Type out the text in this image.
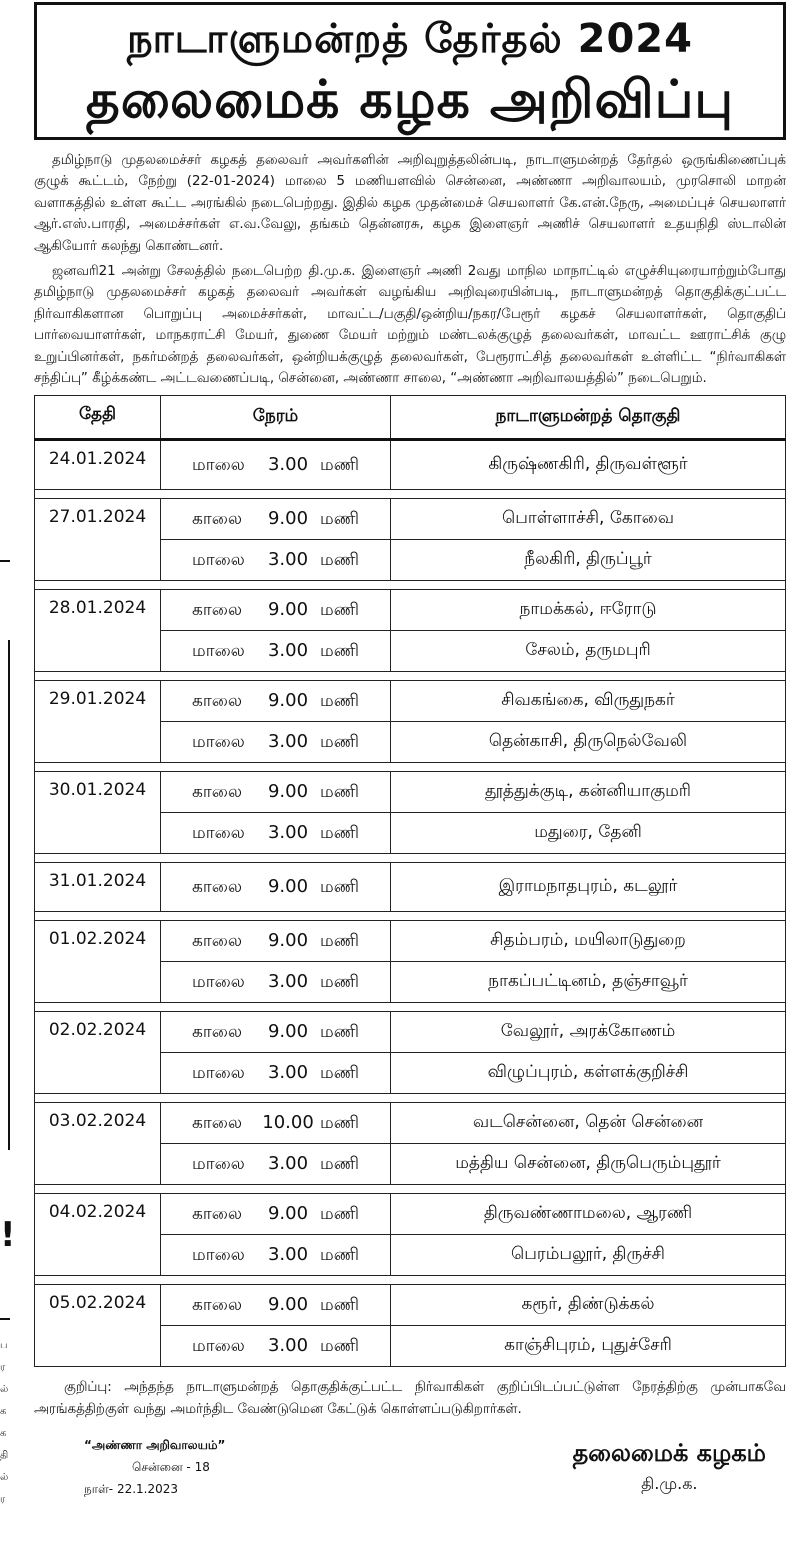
!
ப
ர
ல்
க
க
தி
ல்
ர
நாடாளுமன்றத் தேர்தல் 2024
தலைமைக் கழக அறிவிப்பு

தமிழ்நாடு முதலமைச்சர் கழகத் தலைவர் அவர்களின் அறிவுறுத்தலின்படி, நாடாளுமன்றத் தேர்தல் ஒருங்கிணைப்புக் குழுக் கூட்டம், நேற்று (22-01-2024) மாலை 5 மணியளவில் சென்னை, அண்ணா அறிவாலயம், முரசொலி மாறன் வளாகத்தில் உள்ள கூட்ட அரங்கில் நடைபெற்றது. இதில் கழக முதன்மைச் செயலாளர் கே.என்.நேரு, அமைப்புச் செயலாளர் ஆர்.எஸ்.பாரதி, அமைச்சர்கள் எ.வ.வேலு, தங்கம் தென்னரசு, கழக இளைஞர் அணிச் செயலாளர் உதயநிதி ஸ்டாலின் ஆகியோர் கலந்து கொண்டனர்.

ஜனவரி21 அன்று சேலத்தில் நடைபெற்ற தி.மு.க. இளைஞர் அணி 2வது மாநில மாநாட்டில் எழுச்சியுரையாற்றும்போது தமிழ்நாடு முதலமைச்சர் கழகத் தலைவர் அவர்கள் வழங்கிய அறிவுரையின்படி, நாடாளுமன்றத் தொகுதிக்குட்பட்ட நிர்வாகிகளான பொறுப்பு அமைச்சர்கள், மாவட்ட/பகுதி/ஒன்றிய/நகர/பேரூர் கழகச் செயலாளர்கள், தொகுதிப் பார்வையாளர்கள், மாநகராட்சி மேயர், துணை மேயர் மற்றும் மண்டலக்குழுத் தலைவர்கள், மாவட்ட ஊராட்சிக் குழு உறுப்பினர்கள், நகர்மன்றத் தலைவர்கள், ஒன்றியக்குழுத் தலைவர்கள், பேரூராட்சித் தலைவர்கள் உள்ளிட்ட “நிர்வாகிகள் சந்திப்பு” கீழ்க்கண்ட அட்டவணைப்படி, சென்னை, அண்ணா சாலை, “அண்ணா அறிவாலயத்தில்” நடைபெறும்.

தேதி	நேரம்	நாடாளுமன்றத் தொகுதி
24.01.2024	மாலை 3.00 மணி	கிருஷ்ணகிரி, திருவள்ளூர்

27.01.2024	காலை 9.00 மணி	பொள்ளாச்சி, கோவை
	மாலை 3.00 மணி	நீலகிரி, திருப்பூர்

28.01.2024	காலை 9.00 மணி	நாமக்கல், ஈரோடு
	மாலை 3.00 மணி	சேலம், தருமபுரி

29.01.2024	காலை 9.00 மணி	சிவகங்கை, விருதுநகர்
	மாலை 3.00 மணி	தென்காசி, திருநெல்வேலி

30.01.2024	காலை 9.00 மணி	தூத்துக்குடி, கன்னியாகுமரி
	மாலை 3.00 மணி	மதுரை, தேனி

31.01.2024	காலை 9.00 மணி	இராமநாதபுரம், கடலூர்

01.02.2024	காலை 9.00 மணி	சிதம்பரம், மயிலாடுதுறை
	மாலை 3.00 மணி	நாகப்பட்டினம், தஞ்சாவூர்

02.02.2024	காலை 9.00 மணி	வேலூர், அரக்கோணம்
	மாலை 3.00 மணி	விழுப்புரம், கள்ளக்குறிச்சி

03.02.2024	காலை 10.00 மணி	வடசென்னை, தென் சென்னை
	மாலை 3.00 மணி	மத்திய சென்னை, திருபெரும்புதூர்

04.02.2024	காலை 9.00 மணி	திருவண்ணாமலை, ஆரணி
	மாலை 3.00 மணி	பெரம்பலூர், திருச்சி

05.02.2024	காலை 9.00 மணி	கரூர், திண்டுக்கல்
	மாலை 3.00 மணி	காஞ்சிபுரம், புதுச்சேரி

குறிப்பு: அந்தந்த நாடாளுமன்றத் தொகுதிக்குட்பட்ட நிர்வாகிகள் குறிப்பிடப்பட்டுள்ள நேரத்திற்கு முன்பாகவே அரங்கத்திற்குள் வந்து அமர்ந்திட வேண்டுமென கேட்டுக் கொள்ளப்படுகிறார்கள்.

“அண்ணா அறிவாலயம்”
சென்னை - 18
நாள்- 22.1.2023
தலைமைக் கழகம்
தி.மு.க.
